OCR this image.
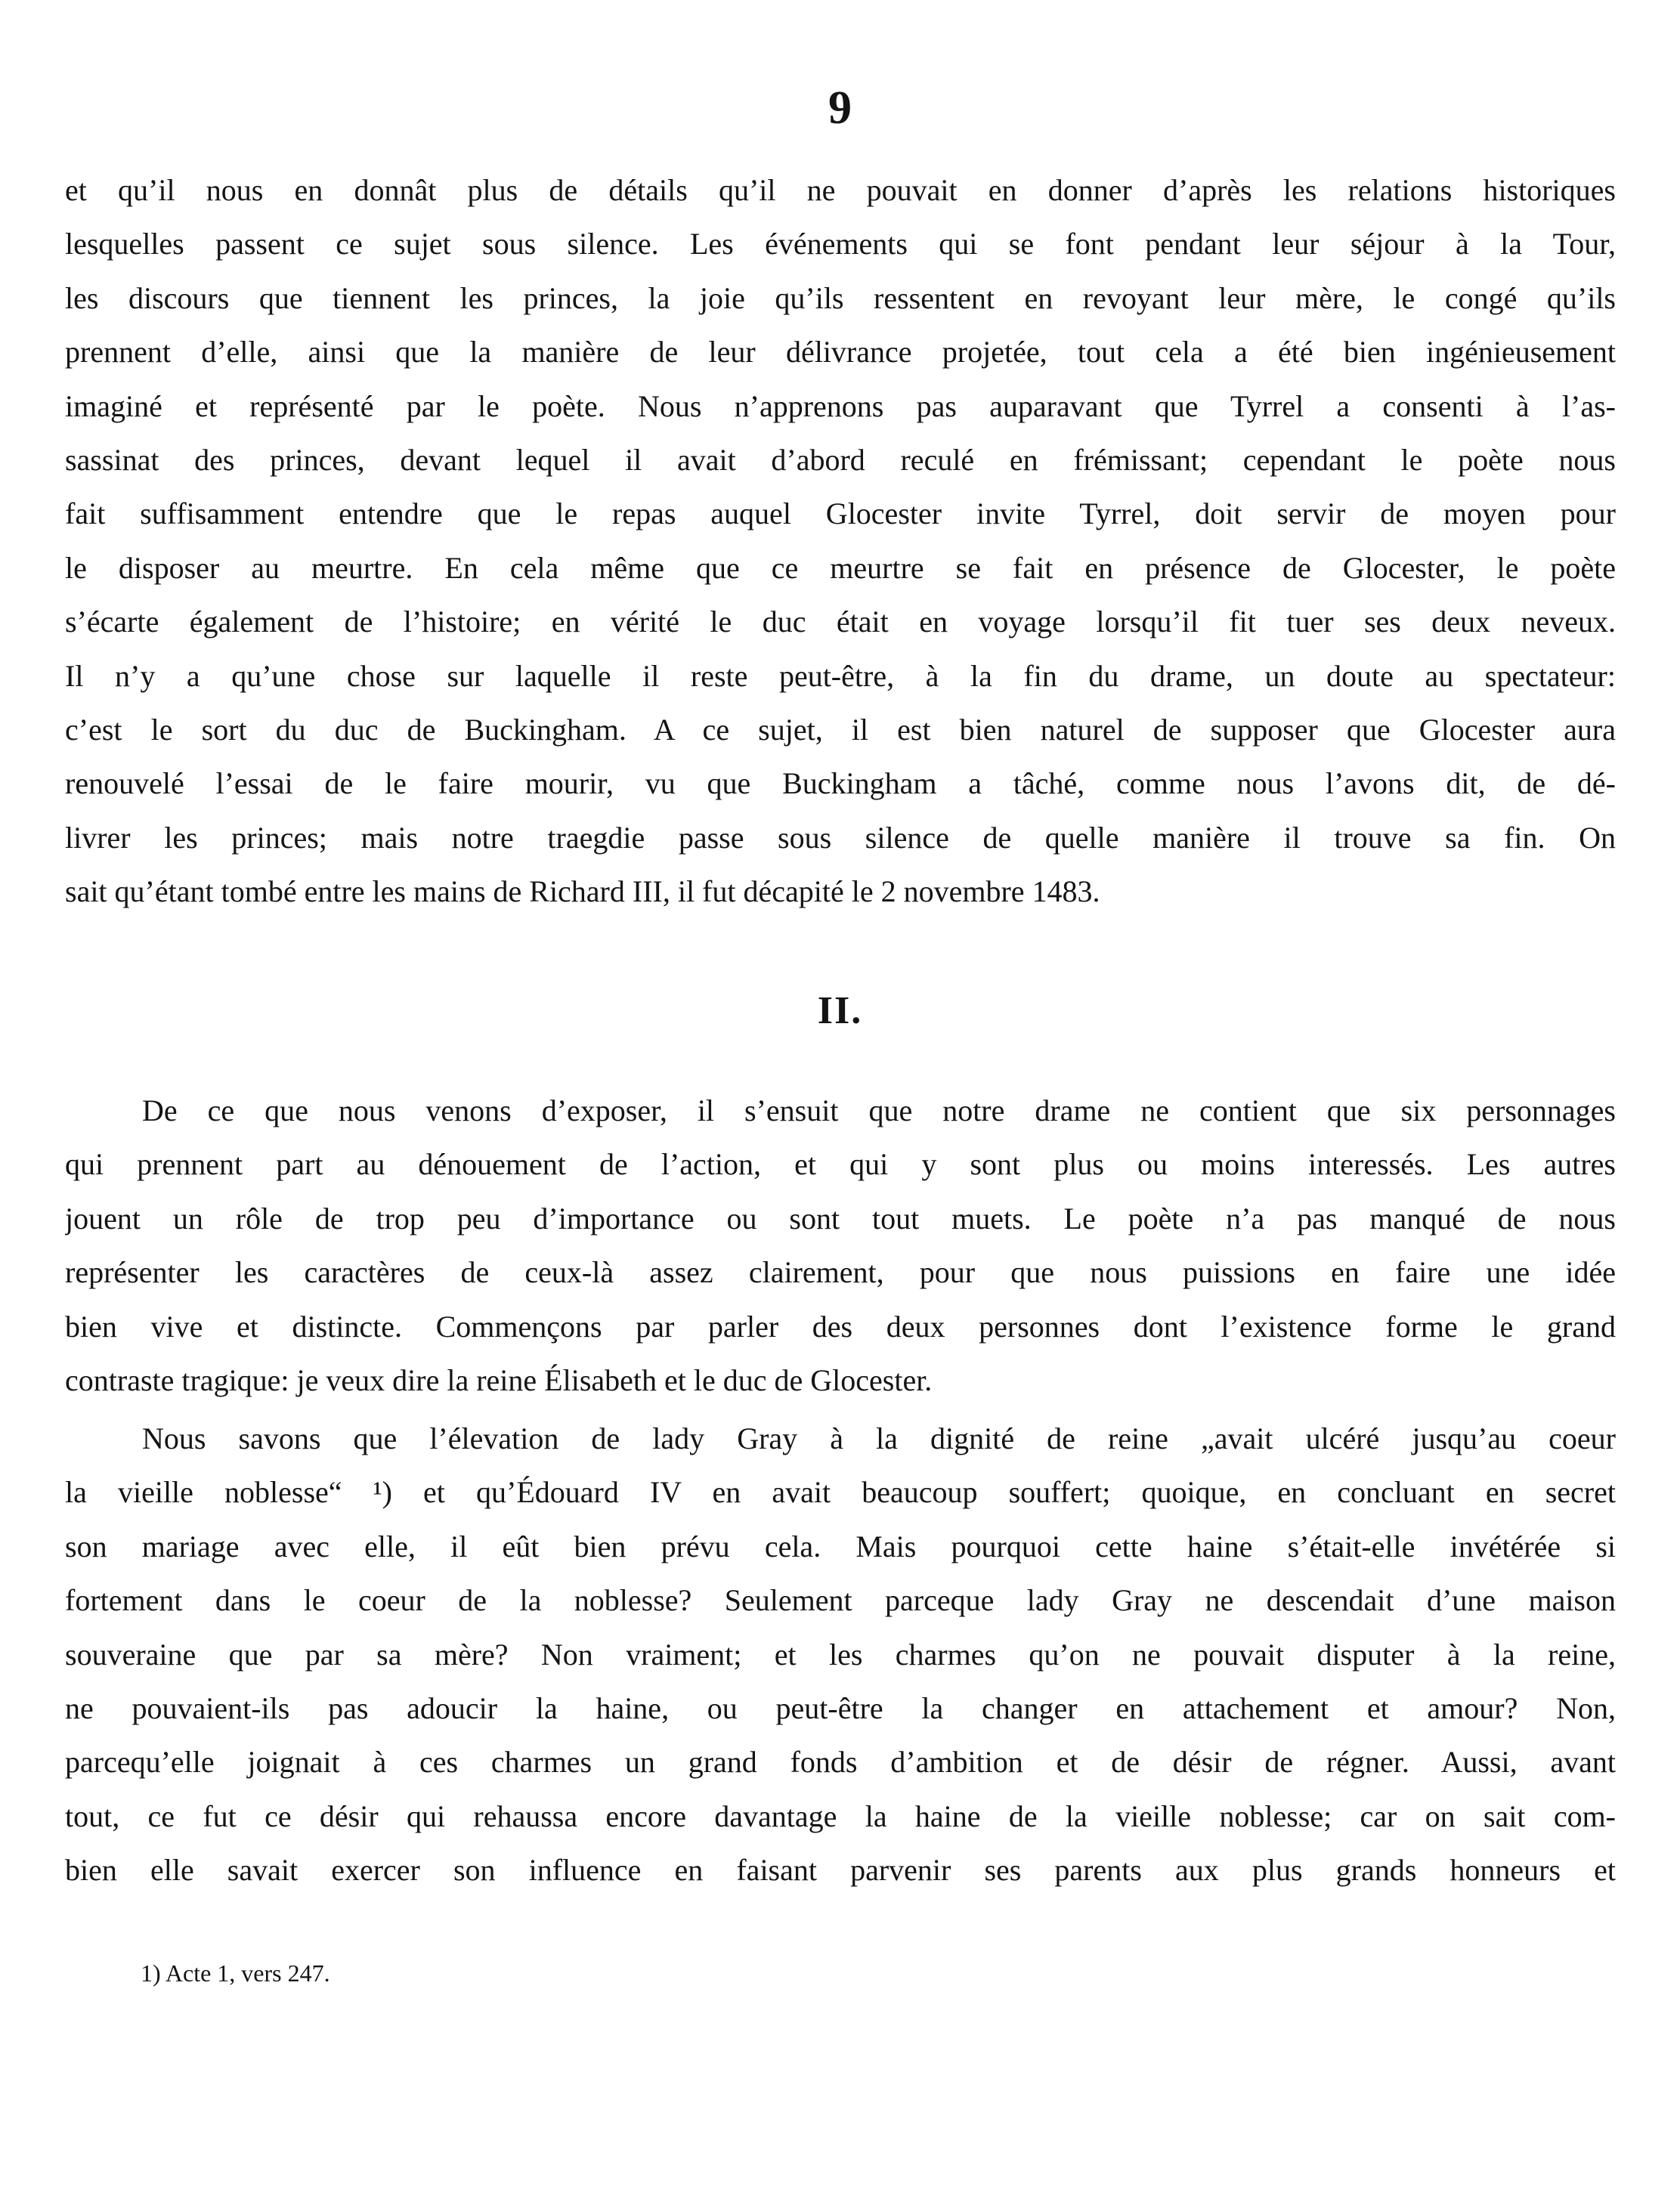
9
et qu’il nous en donnât plus de détails qu’il ne pouvait en donner d’après les relations historiques
lesquelles passent ce sujet sous silence. Les événements qui se font pendant leur séjour à la Tour,
les discours que tiennent les princes, la joie qu’ils ressentent en revoyant leur mère, le congé qu’ils
prennent d’elle, ainsi que la manière de leur délivrance projetée, tout cela a été bien ingénieusement
imaginé et représenté par le poète. Nous n’apprenons pas auparavant que Tyrrel a consenti à l’as-
sassinat des princes, devant lequel il avait d’abord reculé en frémissant; cependant le poète nous
fait suffisamment entendre que le repas auquel Glocester invite Tyrrel, doit servir de moyen pour
le disposer au meurtre. En cela même que ce meurtre se fait en présence de Glocester, le poète
s’écarte également de l’histoire; en vérité le duc était en voyage lorsqu’il fit tuer ses deux neveux.
Il n’y a qu’une chose sur laquelle il reste peut-être, à la fin du drame, un doute au spectateur:
c’est le sort du duc de Buckingham. A ce sujet, il est bien naturel de supposer que Glocester aura
renouvelé l’essai de le faire mourir, vu que Buckingham a tâché, comme nous l’avons dit, de dé-
livrer les princes; mais notre traegdie passe sous silence de quelle manière il trouve sa fin. On
sait qu’étant tombé entre les mains de Richard III, il fut décapité le 2 novembre 1483.
II.
De ce que nous venons d’exposer, il s’ensuit que notre drame ne contient que six personnages
qui prennent part au dénouement de l’action, et qui y sont plus ou moins interessés. Les autres
jouent un rôle de trop peu d’importance ou sont tout muets. Le poète n’a pas manqué de nous
représenter les caractères de ceux-là assez clairement, pour que nous puissions en faire une idée
bien vive et distincte. Commençons par parler des deux personnes dont l’existence forme le grand
contraste tragique: je veux dire la reine Élisabeth et le duc de Glocester.
Nous savons que l’élevation de lady Gray à la dignité de reine „avait ulcéré jusqu’au coeur
la vieille noblesse“ ¹) et qu’Édouard IV en avait beaucoup souffert; quoique, en concluant en secret
son mariage avec elle, il eût bien prévu cela. Mais pourquoi cette haine s’était-elle invétérée si
fortement dans le coeur de la noblesse? Seulement parceque lady Gray ne descendait d’une maison
souveraine que par sa mère? Non vraiment; et les charmes qu’on ne pouvait disputer à la reine,
ne pouvaient-ils pas adoucir la haine, ou peut-être la changer en attachement et amour? Non,
parcequ’elle joignait à ces charmes un grand fonds d’ambition et de désir de régner. Aussi, avant
tout, ce fut ce désir qui rehaussa encore davantage la haine de la vieille noblesse; car on sait com-
bien elle savait exercer son influence en faisant parvenir ses parents aux plus grands honneurs et
1) Acte 1, vers 247.
